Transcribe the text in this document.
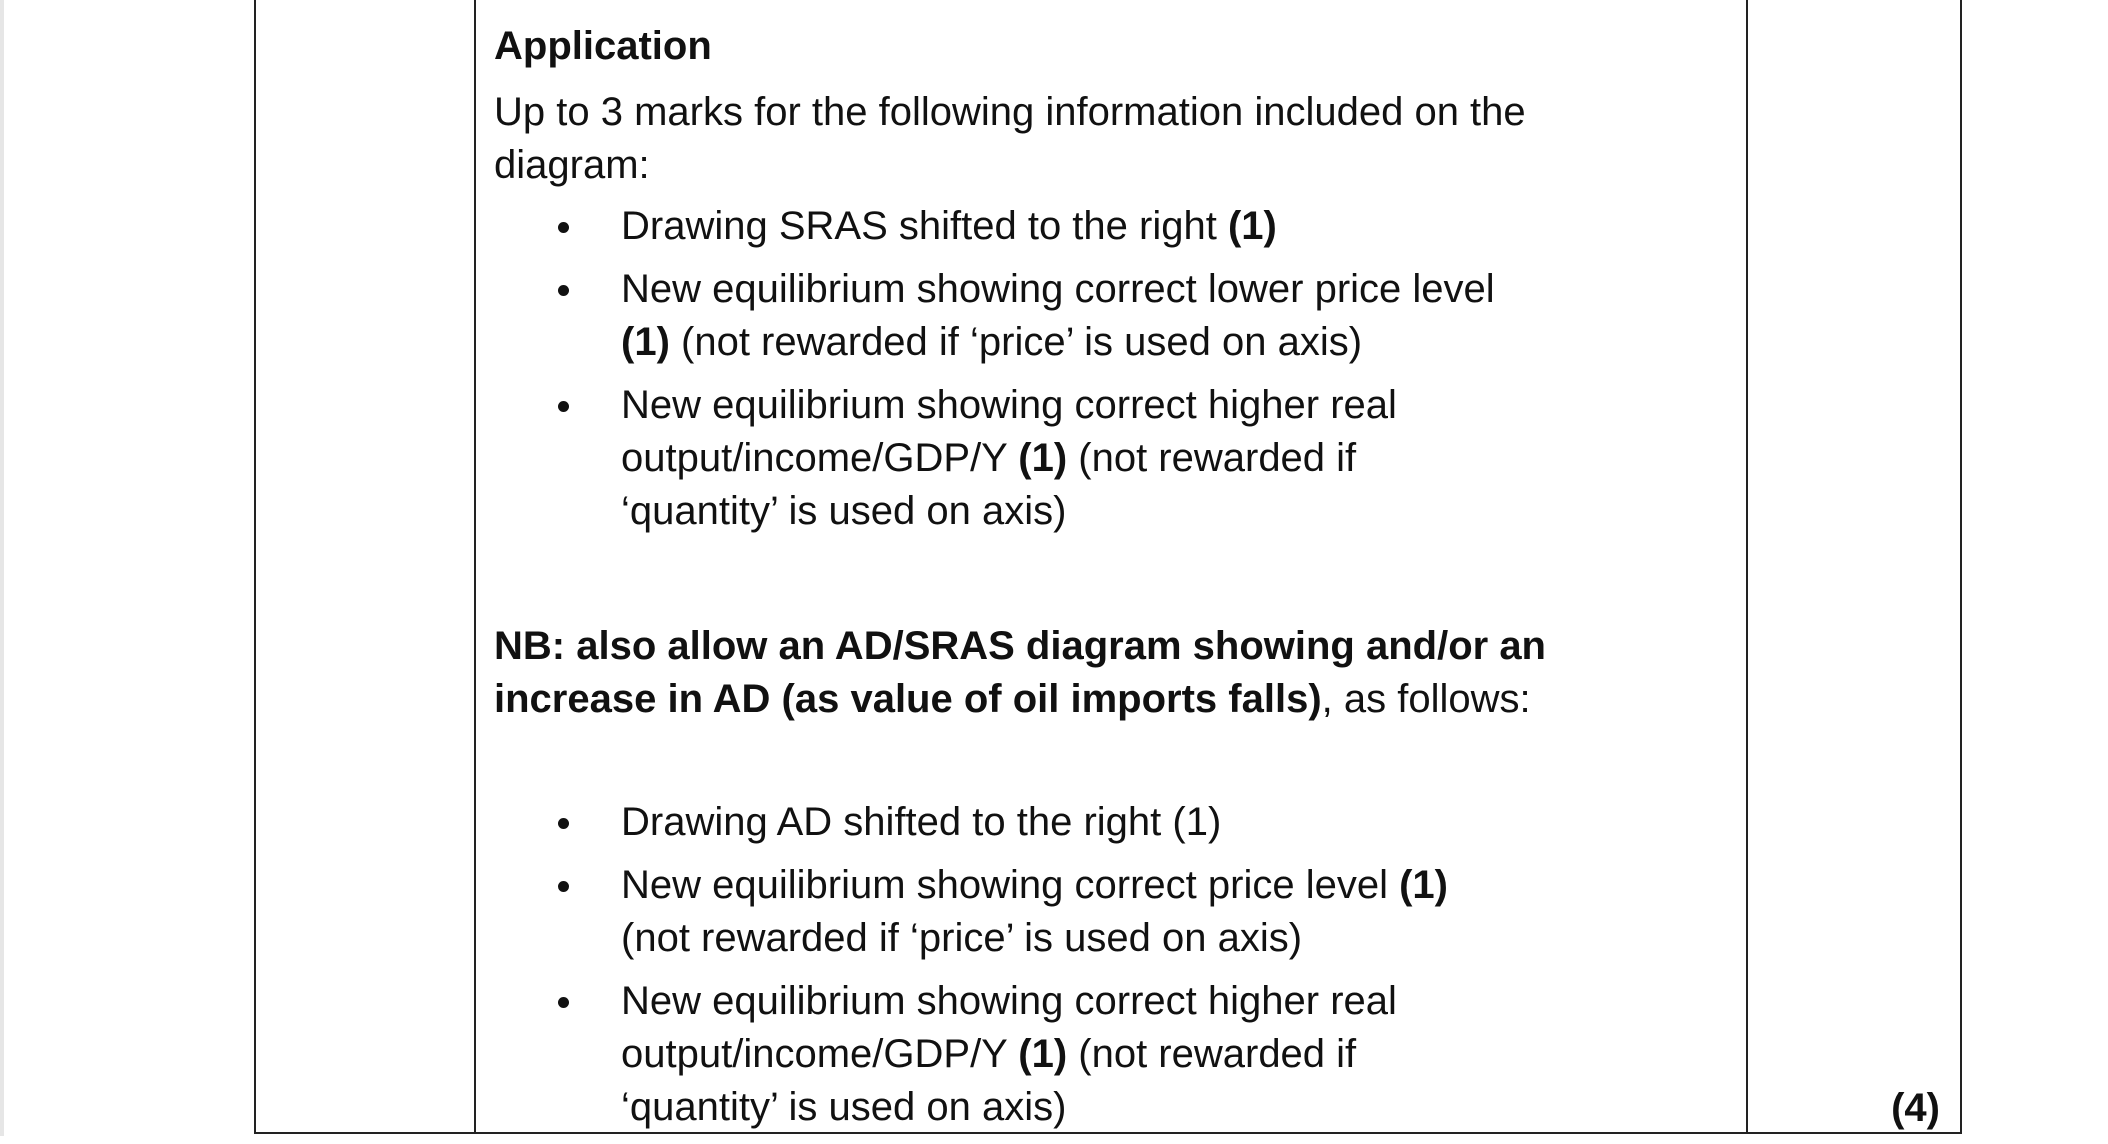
Application

Up to 3 marks for the following information included on the diagram:

Drawing SRAS shifted to the right (1)
New equilibrium showing correct lower price level (1) (not rewarded if ‘price’ is used on axis)
New equilibrium showing correct higher real output/income/GDP/Y (1) (not rewarded if ‘quantity’ is used on axis)

NB: also allow an AD/SRAS diagram showing and/or an increase in AD (as value of oil imports falls), as follows:

Drawing AD shifted to the right (1)
New equilibrium showing correct price level (1) (not rewarded if ‘price’ is used on axis)
New equilibrium showing correct higher real output/income/GDP/Y (1) (not rewarded if ‘quantity’ is used on axis)	(4)
